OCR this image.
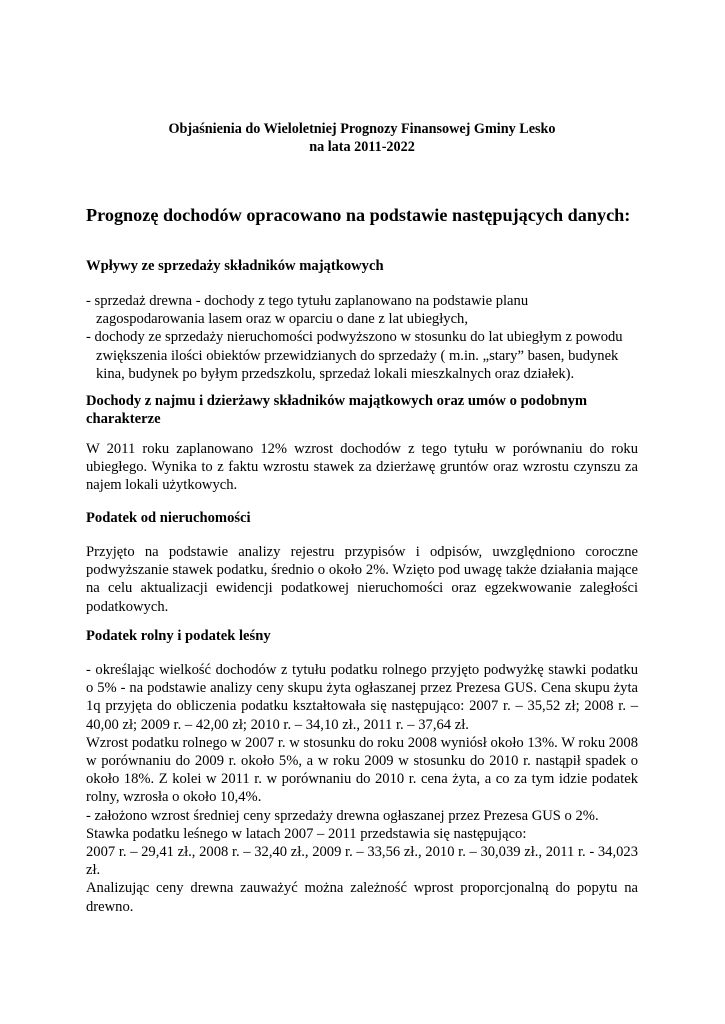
Objaśnienia do Wieloletniej Prognozy Finansowej Gminy Lesko

na lata 2011-2022

Prognozę dochodów opracowano na podstawie następujących danych:
Wpływy ze sprzedaży składników majątkowych

- sprzedaż drewna - dochody z tego tytułu zaplanowano na podstawie planu zagospodarowania lasem oraz w oparciu o dane z lat ubiegłych,

- dochody ze sprzedaży nieruchomości podwyższono w stosunku do lat ubiegłym z powodu zwiększenia ilości obiektów przewidzianych do sprzedaży ( m.in. „stary” basen, budynek kina, budynek po byłym przedszkolu, sprzedaż lokali mieszkalnych oraz działek).

Dochody z najmu i dzierżawy składników majątkowych oraz umów o podobnym charakterze
W 2011 roku zaplanowano 12% wzrost dochodów z tego tytułu w porównaniu do roku ubiegłego. Wynika to z faktu wzrostu stawek za dzierżawę gruntów oraz wzrostu czynszu za najem lokali użytkowych.
Podatek od nieruchomości
Przyjęto na podstawie analizy rejestru przypisów i odpisów, uwzględniono coroczne podwyższanie stawek podatku, średnio o około 2%. Wzięto pod uwagę także działania mające na celu aktualizacji ewidencji podatkowej nieruchomości oraz egzekwowanie zaległości podatkowych.
Podatek rolny i podatek leśny

- określając wielkość dochodów z tytułu podatku rolnego przyjęto podwyżkę stawki podatku o 5% - na podstawie analizy ceny skupu żyta ogłaszanej przez Prezesa GUS. Cena skupu żyta 1q przyjęta do obliczenia podatku kształtowała się następująco: 2007 r. – 35,52 zł; 2008 r. – 40,00 zł; 2009 r. – 42,00 zł; 2010 r. – 34,10 zł., 2011 r. – 37,64 zł.

Wzrost podatku rolnego w 2007 r. w stosunku do roku 2008 wyniósł około 13%. W roku 2008 w porównaniu do 2009 r. około 5%, a w roku 2009 w stosunku do 2010 r. nastąpił spadek o około 18%. Z kolei w 2011 r. w porównaniu do 2010 r. cena żyta, a co za tym idzie podatek rolny, wzrosła o około 10,4%.

- założono wzrost średniej ceny sprzedaży drewna ogłaszanej przez Prezesa GUS o 2%.

Stawka podatku leśnego w latach 2007 – 2011 przedstawia się następująco:

2007 r. – 29,41 zł., 2008 r. – 32,40 zł., 2009 r. – 33,56 zł., 2010 r. – 30,039 zł., 2011 r. - 34,023 zł.

Analizując ceny drewna zauważyć można zależność wprost proporcjonalną do popytu na drewno.
